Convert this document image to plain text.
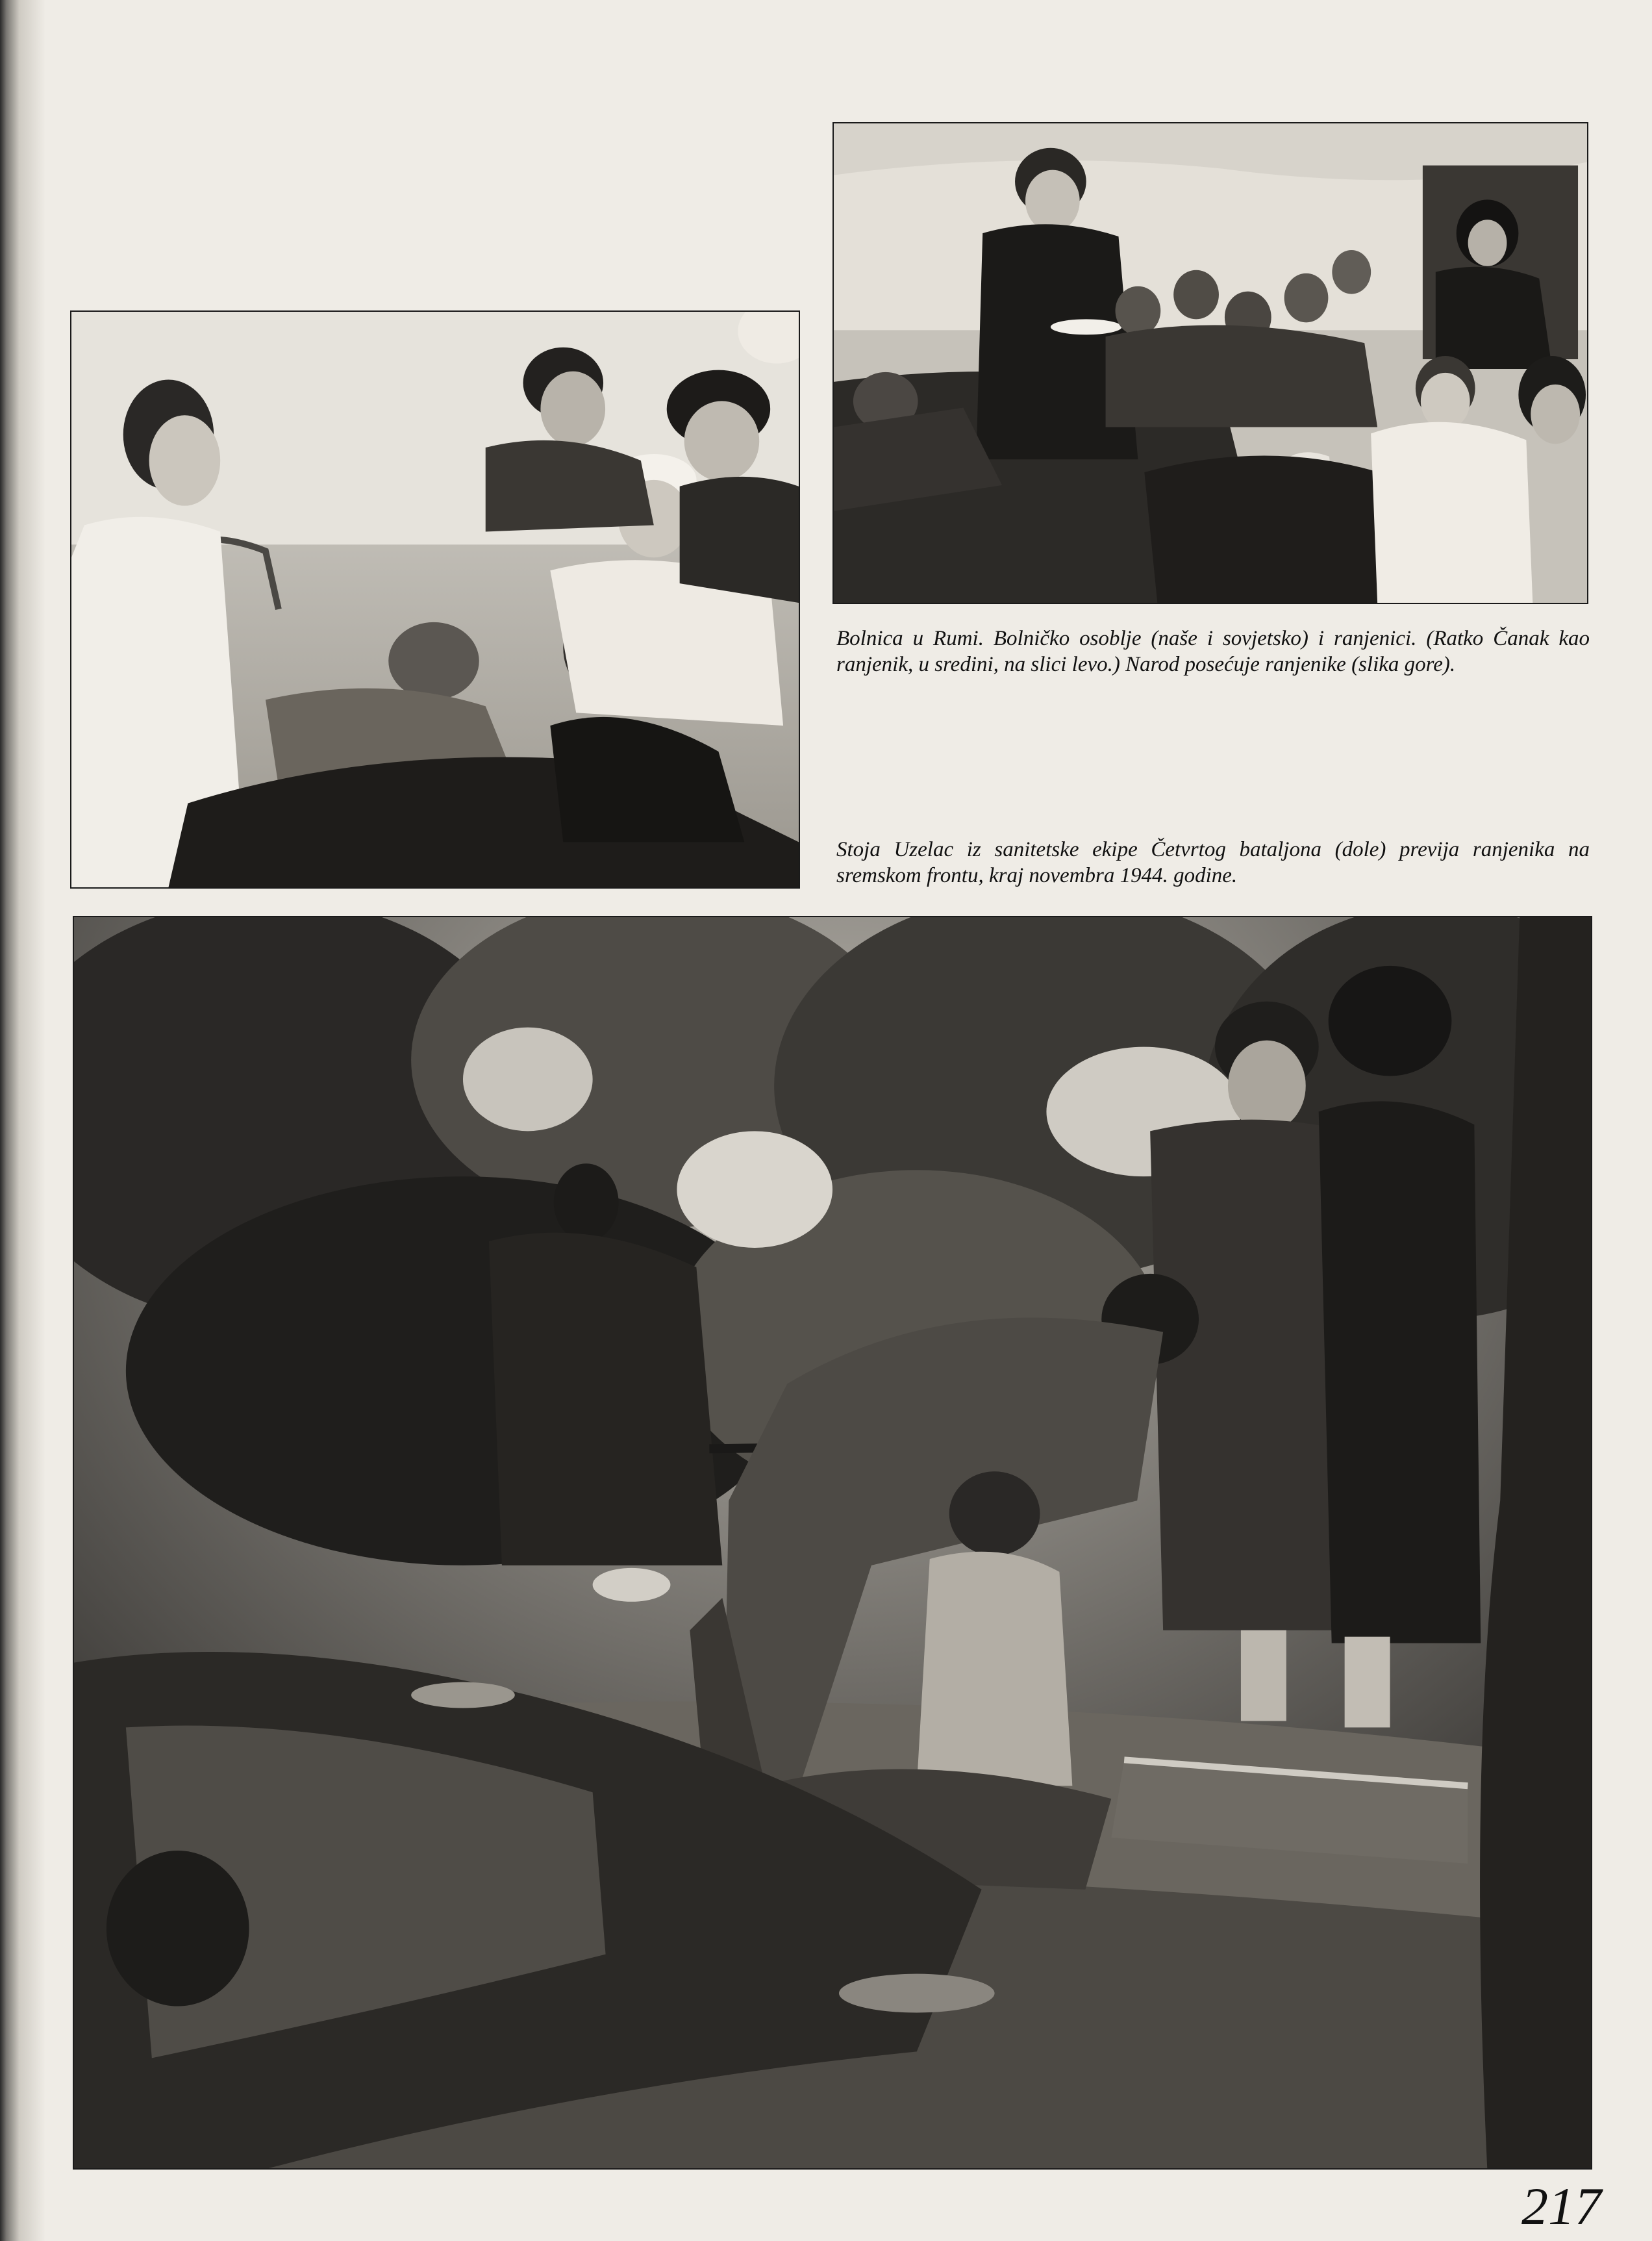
Bolnica u Rumi. Bolničko osoblje (naše i sovjetsko) i ranjenici. (Ratko Čanak kao ranjenik, u sredini, na slici levo.) Narod posećuje ranjenike (slika gore).

Stoja Uzelac iz sanitetske ekipe Četvrtog bataljona (dole) previja ranjenika na sremskom frontu, kraj novembra 1944. godine.

217
